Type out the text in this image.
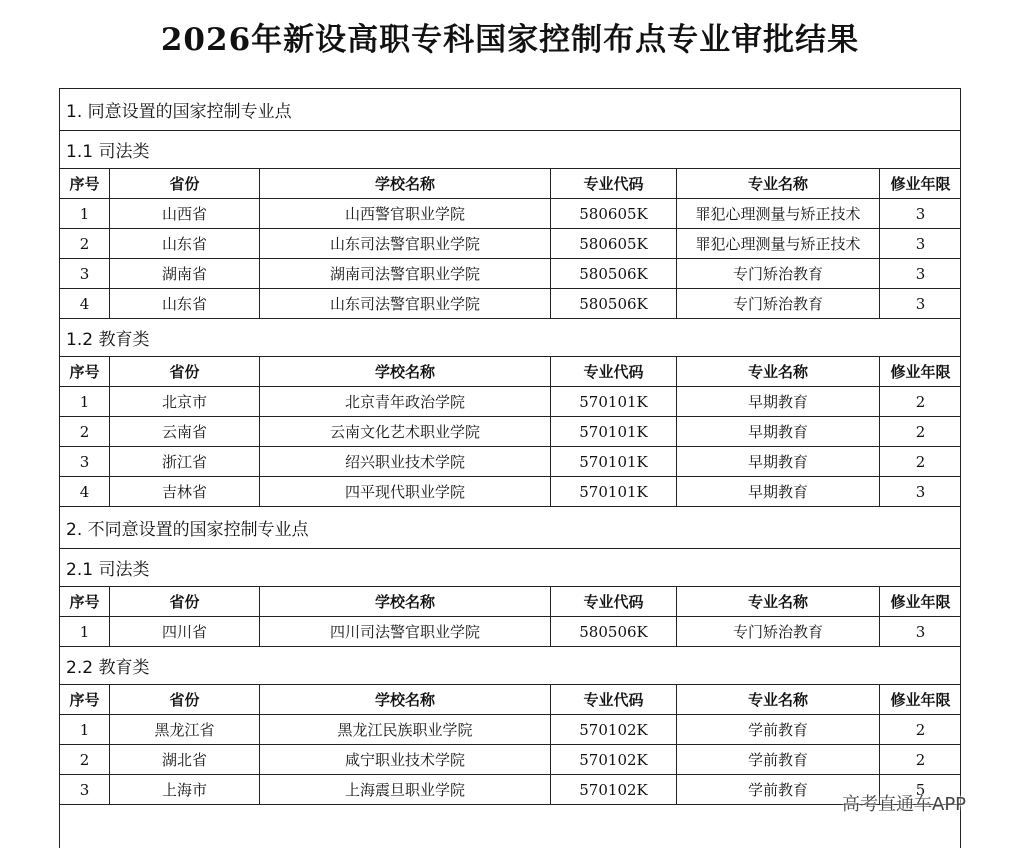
2026年新设高职专科国家控制布点专业审批结果
1. 同意设置的国家控制专业点					
1.1 司法类					
序号	省份	学校名称	专业代码	专业名称	修业年限
1	山西省	山西警官职业学院	580605K	罪犯心理测量与矫正技术	3
2	山东省	山东司法警官职业学院	580605K	罪犯心理测量与矫正技术	3
3	湖南省	湖南司法警官职业学院	580506K	专门矫治教育	3
4	山东省	山东司法警官职业学院	580506K	专门矫治教育	3
1.2 教育类					
序号	省份	学校名称	专业代码	专业名称	修业年限
1	北京市	北京青年政治学院	570101K	早期教育	2
2	云南省	云南文化艺术职业学院	570101K	早期教育	2
3	浙江省	绍兴职业技术学院	570101K	早期教育	2
4	吉林省	四平现代职业学院	570101K	早期教育	3
2. 不同意设置的国家控制专业点					
2.1 司法类					
序号	省份	学校名称	专业代码	专业名称	修业年限
1	四川省	四川司法警官职业学院	580506K	专门矫治教育	3
2.2 教育类					
序号	省份	学校名称	专业代码	专业名称	修业年限
1	黑龙江省	黑龙江民族职业学院	570102K	学前教育	2
2	湖北省	咸宁职业技术学院	570102K	学前教育	2
3	上海市	上海震旦职业学院	570102K	学前教育	5
高考直通车APP
